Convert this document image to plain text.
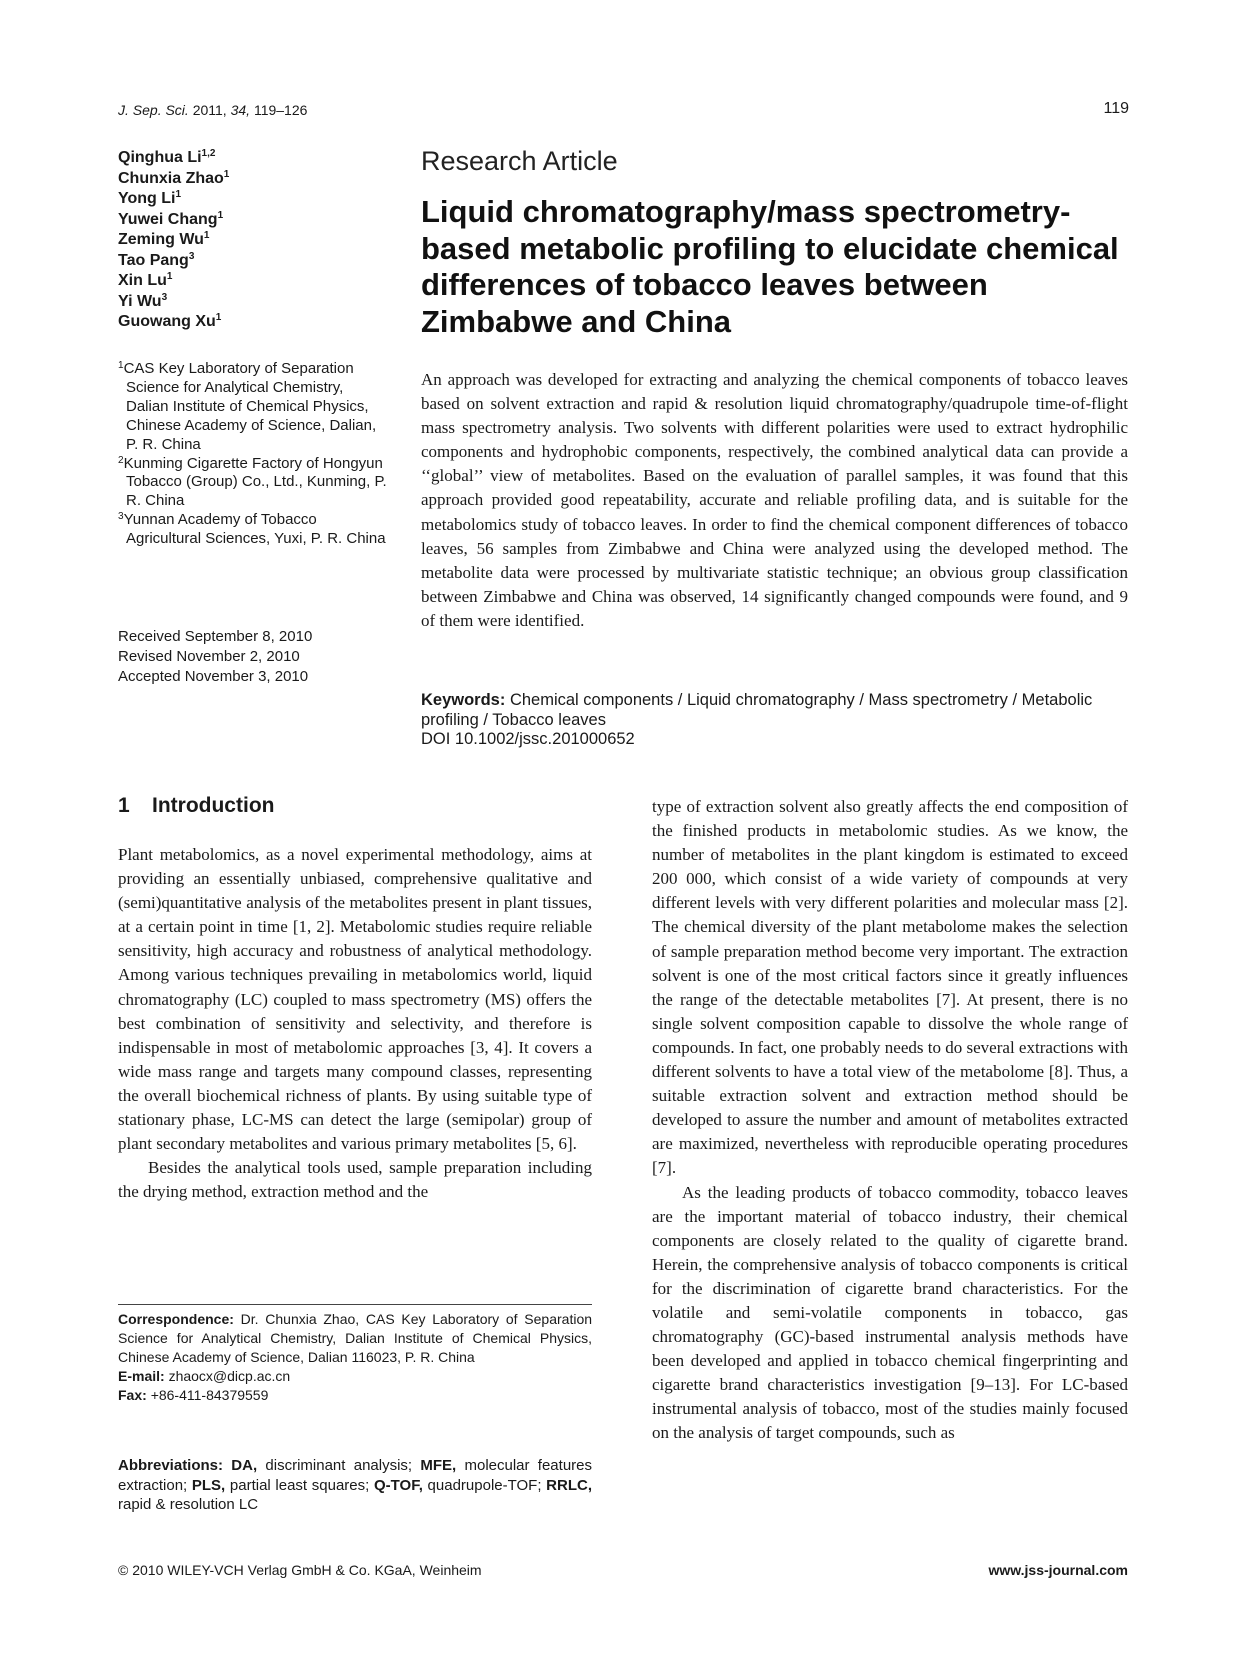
J. Sep. Sci. 2011, 34, 119–126	119
Qinghua Li$^{1,2}$
Chunxia Zhao$^1$
Yong Li$^1$
Yuwei Chang$^1$
Zeming Wu$^1$
Tao Pang$^3$
Xin Lu$^1$
Yi Wu$^3$
Guowang Xu$^1$
$^1$CAS Key Laboratory of Separation Science for Analytical Chemistry, Dalian Institute of Chemical Physics, Chinese Academy of Science, Dalian, P. R. China
$^2$Kunming Cigarette Factory of Hongyun Tobacco (Group) Co., Ltd., Kunming, P. R. China
$^3$Yunnan Academy of Tobacco Agricultural Sciences, Yuxi, P. R. China
Received September 8, 2010
Revised November 2, 2010
Accepted November 3, 2010
Research Article
Liquid chromatography/mass spectrometry-based metabolic profiling to elucidate chemical differences of tobacco leaves between Zimbabwe and China
An approach was developed for extracting and analyzing the chemical components of tobacco leaves based on solvent extraction and rapid & resolution liquid chromatography/quadrupole time-of-flight mass spectrometry analysis. Two solvents with different polarities were used to extract hydrophilic components and hydrophobic components, respectively, the combined analytical data can provide a ‘‘global’’ view of metabolites. Based on the evaluation of parallel samples, it was found that this approach provided good repeatability, accurate and reliable profiling data, and is suitable for the metabolomics study of tobacco leaves. In order to find the chemical component differences of tobacco leaves, 56 samples from Zimbabwe and China were analyzed using the developed method. The metabolite data were processed by multivariate statistic technique; an obvious group classification between Zimbabwe and China was observed, 14 significantly changed compounds were found, and 9 of them were identified.
Keywords: Chemical components / Liquid chromatography / Mass spectrometry / Metabolic profiling / Tobacco leaves
DOI 10.1002/jssc.201000652
1 Introduction

Plant metabolomics, as a novel experimental methodology, aims at providing an essentially unbiased, comprehensive qualitative and (semi)quantitative analysis of the metabolites present in plant tissues, at a certain point in time [1, 2]. Metabolomic studies require reliable sensitivity, high accuracy and robustness of analytical methodology. Among various techniques prevailing in metabolomics world, liquid chromatography (LC) coupled to mass spectrometry (MS) offers the best combination of sensitivity and selectivity, and therefore is indispensable in most of metabolomic approaches [3, 4]. It covers a wide mass range and targets many compound classes, representing the overall biochemical richness of plants. By using suitable type of stationary phase, LC-MS can detect the large (semipolar) group of plant secondary metabolites and various primary metabolites [5, 6].

Besides the analytical tools used, sample preparation including the drying method, extraction method and the

type of extraction solvent also greatly affects the end composition of the finished products in metabolomic studies. As we know, the number of metabolites in the plant kingdom is estimated to exceed 200 000, which consist of a wide variety of compounds at very different levels with very different polarities and molecular mass [2]. The chemical diversity of the plant metabolome makes the selection of sample preparation method become very important. The extraction solvent is one of the most critical factors since it greatly influences the range of the detectable metabolites [7]. At present, there is no single solvent composition capable to dissolve the whole range of compounds. In fact, one probably needs to do several extractions with different solvents to have a total view of the metabolome [8]. Thus, a suitable extraction solvent and extraction method should be developed to assure the number and amount of metabolites extracted are maximized, nevertheless with reproducible operating procedures [7].

As the leading products of tobacco commodity, tobacco leaves are the important material of tobacco industry, their chemical components are closely related to the quality of cigarette brand. Herein, the comprehensive analysis of tobacco components is critical for the discrimination of cigarette brand characteristics. For the volatile and semi-volatile components in tobacco, gas chromatography (GC)-based instrumental analysis methods have been developed and applied in tobacco chemical fingerprinting and cigarette brand characteristics investigation [9–13]. For LC-based instrumental analysis of tobacco, most of the studies mainly focused on the analysis of target compounds, such as

Correspondence: Dr. Chunxia Zhao, CAS Key Laboratory of Separation Science for Analytical Chemistry, Dalian Institute of Chemical Physics, Chinese Academy of Science, Dalian 116023, P. R. China
E-mail: zhaocx@dicp.ac.cn
Fax: +86-411-84379559
Abbreviations: DA, discriminant analysis; MFE, molecular features extraction; PLS, partial least squares; Q-TOF, quadrupole-TOF; RRLC, rapid & resolution LC
© 2010 WILEY-VCH Verlag GmbH & Co. KGaA, Weinheim	www.jss-journal.com
